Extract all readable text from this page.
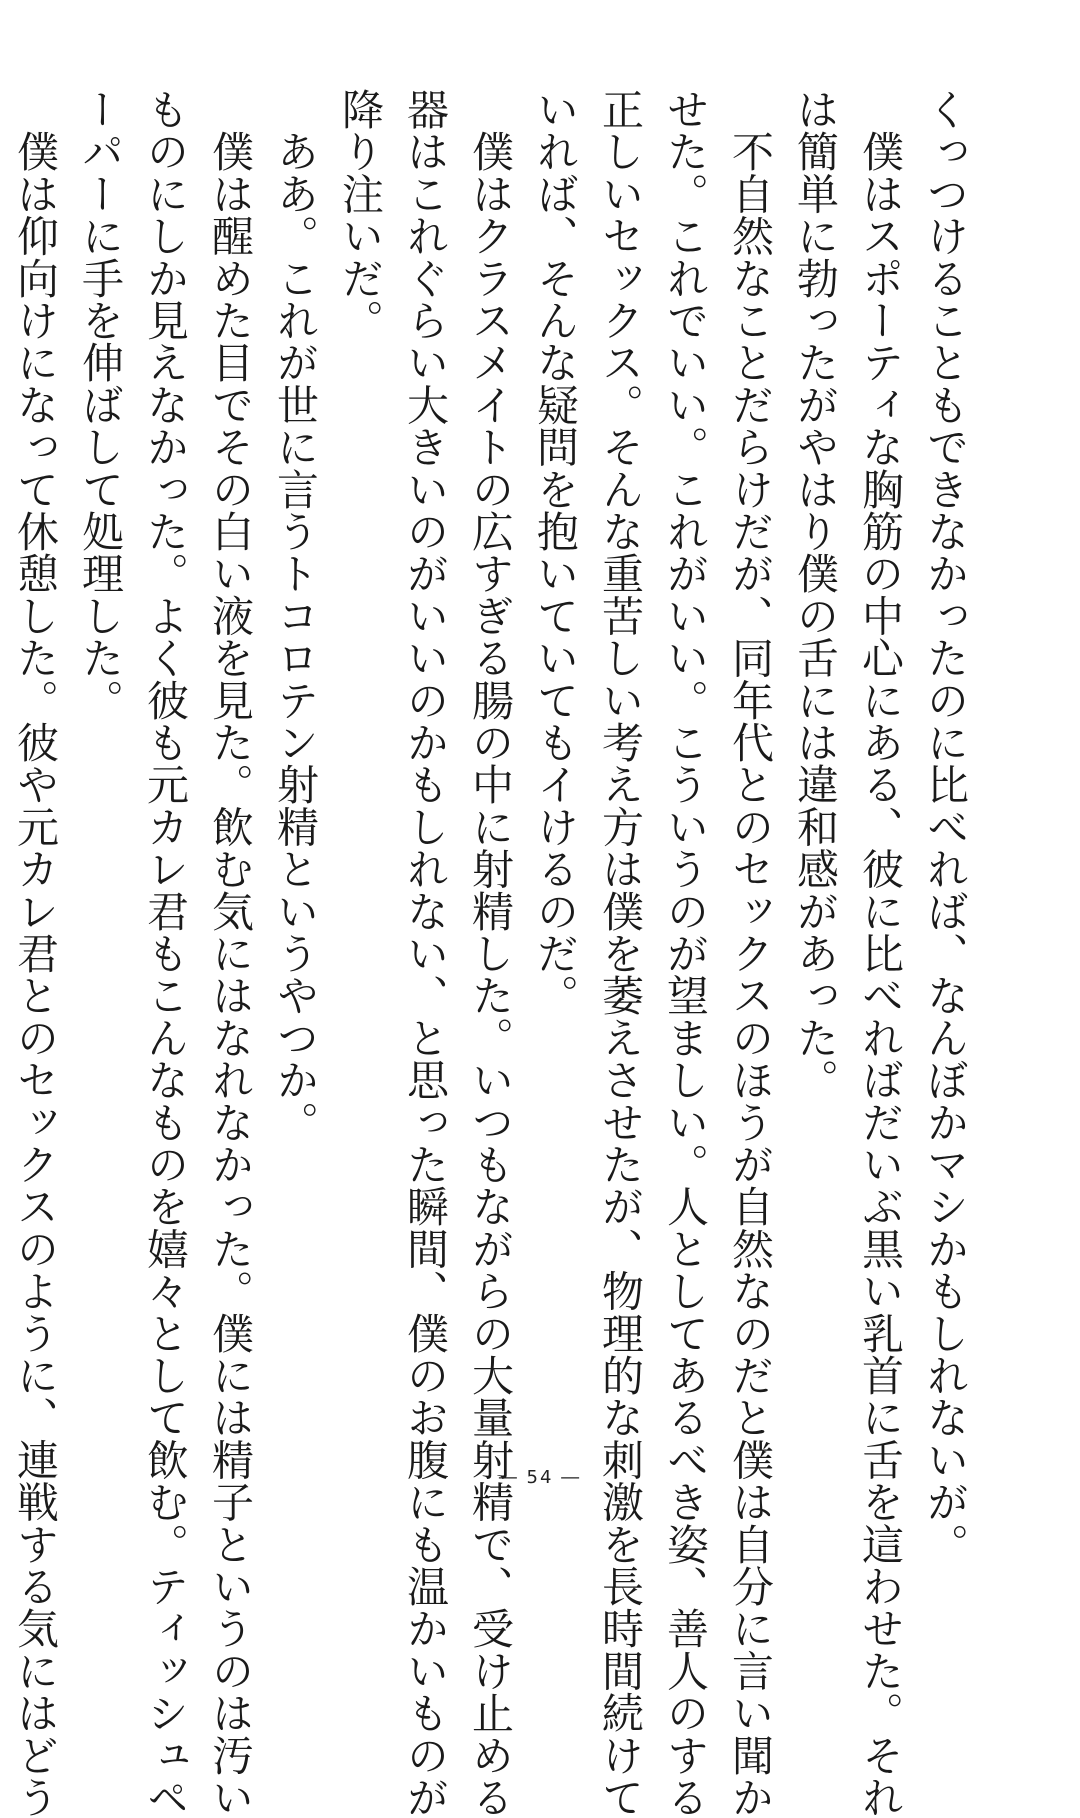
くっつけることもできなかったのに比べれば、なんぼかマシかもしれないが。
　僕はスポーティな胸筋の中心にある、彼に比べればだいぶ黒い乳首に舌を這わせた。それ
は簡単に勃ったがやはり僕の舌には違和感があった。
　不自然なことだらけだが、同年代とのセックスのほうが自然なのだと僕は自分に言い聞か
せた。これでいい。これがいい。こういうのが望ましい。人としてあるべき姿、善人のする
正しいセックス。そんな重苦しい考え方は僕を萎えさせたが、物理的な刺激を長時間続けて
いれば、そんな疑問を抱いていてもイけるのだ。
　僕はクラスメイトの広すぎる腸の中に射精した。いつもながらの大量射精で、受け止める
器はこれぐらい大きいのがいいのかもしれない、と思った瞬間、僕のお腹にも温かいものが
降り注いだ。
　ああ。これが世に言うトコロテン射精というやつか。
　僕は醒めた目でその白い液を見た。飲む気にはなれなかった。僕には精子というのは汚い
ものにしか見えなかった。よく彼も元カレ君もこんなものを嬉々として飲む。ティッシュペ
ーパーに手を伸ばして処理した。
　僕は仰向けになって休憩した。彼や元カレ君とのセックスのように、連戦する気にはどう	― 54 ―
